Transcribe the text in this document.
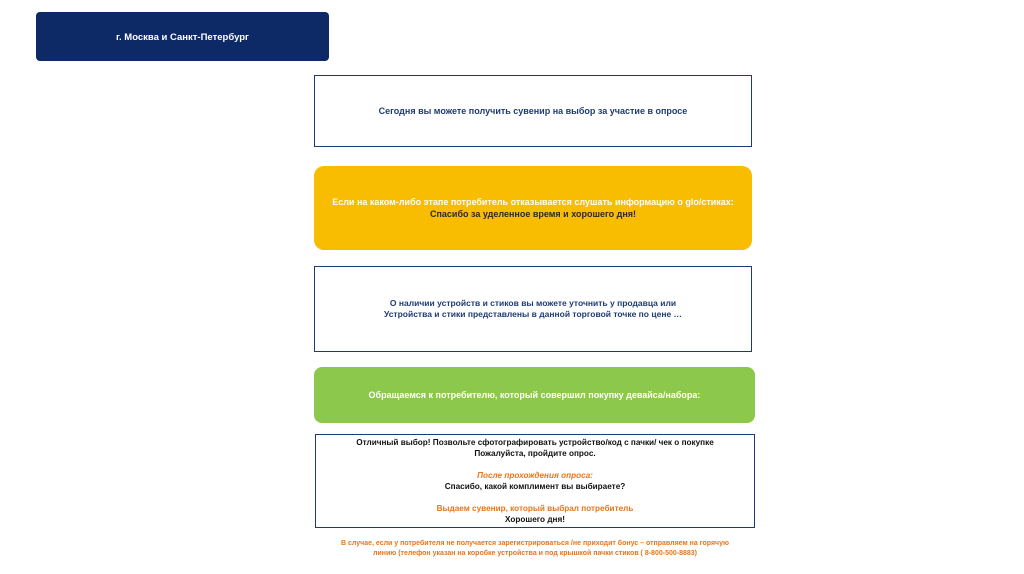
г. Москва и Санкт-Петербург
Сегодня вы можете получить сувенир на выбор за участие в опросе
Если на каком-либо этапе потребитель отказывается слушать информацию о glo/стиках:
Спасибо за уделенное время и хорошего дня!
О наличии устройств и стиков вы можете уточнить у продавца или
Устройства и стики представлены в данной торговой точке по цене …
Обращаемся к потребителю, который совершил покупку девайса/набора:
Отличный выбор! Позвольте сфотографировать устройство/код с пачки/ чек о покупке
Пожалуйста, пройдите опрос.
После прохождения опроса:
Спасибо, какой комплимент вы выбираете?
Выдаем сувенир, который выбрал потребитель
Хорошего дня!
В случае, если у потребителя не получается зарегистрироваться /не приходит бонус – отправляем на горячую
линию (телефон указан на коробке устройства и под крышкой пачки стиков ( 8-800-500-8883)
